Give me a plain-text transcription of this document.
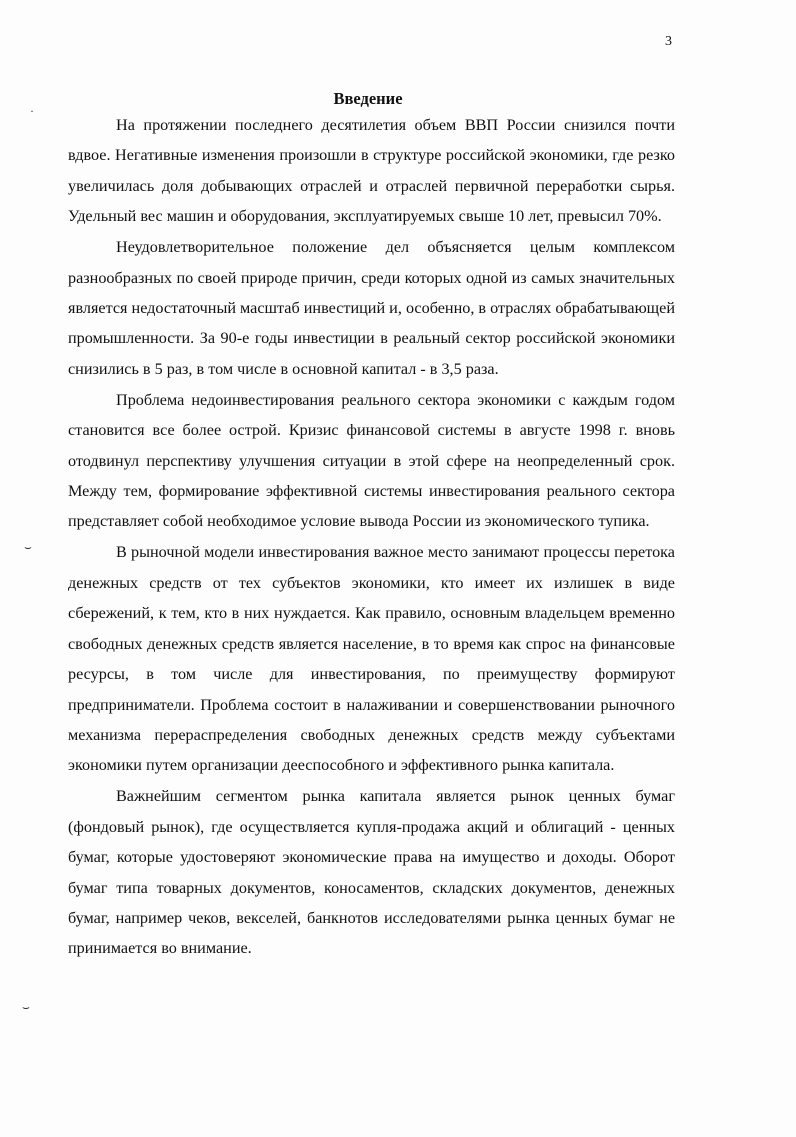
3
·
⌣
⌣
Введение

На протяжении последнего десятилетия объем ВВП России снизился почти вдвое. Негативные изменения произошли в структуре российской экономики, где резко увеличилась доля добывающих отраслей и отраслей первичной переработки сырья. Удельный вес машин и оборудования, эксплуатируемых свыше 10 лет, превысил 70%.

Неудовлетворительное положение дел объясняется целым комплексом разнообразных по своей природе причин, среди которых одной из самых значительных является недостаточный масштаб инвестиций и, особенно, в отраслях обрабатывающей промышленности. За 90-е годы инвестиции в реальный сектор российской экономики снизились в 5 раз, в том числе в основной капитал - в 3,5 раза.

Проблема недоинвестирования реального сектора экономики с каждым годом становится все более острой. Кризис финансовой системы в августе 1998 г. вновь отодвинул перспективу улучшения ситуации в этой сфере на неопределенный срок. Между тем, формирование эффективной системы инвестирования реального сектора представляет собой необходимое условие вывода России из экономического тупика.

В рыночной модели инвестирования важное место занимают процессы перетока денежных средств от тех субъектов экономики, кто имеет их излишек в виде сбережений, к тем, кто в них нуждается. Как правило, основным владельцем временно свободных денежных средств является население, в то время как спрос на финансовые ресурсы, в том числе для инвестирования, по преимуществу формируют предприниматели. Проблема состоит в налаживании и совершенствовании рыночного механизма перераспределения свободных денежных средств между субъектами экономики путем организации дееспособного и эффективного рынка капитала.

Важнейшим сегментом рынка капитала является рынок ценных бумаг (фондовый рынок), где осуществляется купля-продажа акций и облигаций - ценных бумаг, которые удостоверяют экономические права на имущество и доходы. Оборот бумаг типа товарных документов, коносаментов, складских документов, денежных бумаг, например чеков, векселей, банкнотов исследователями рынка ценных бумаг не принимается во внимание.
